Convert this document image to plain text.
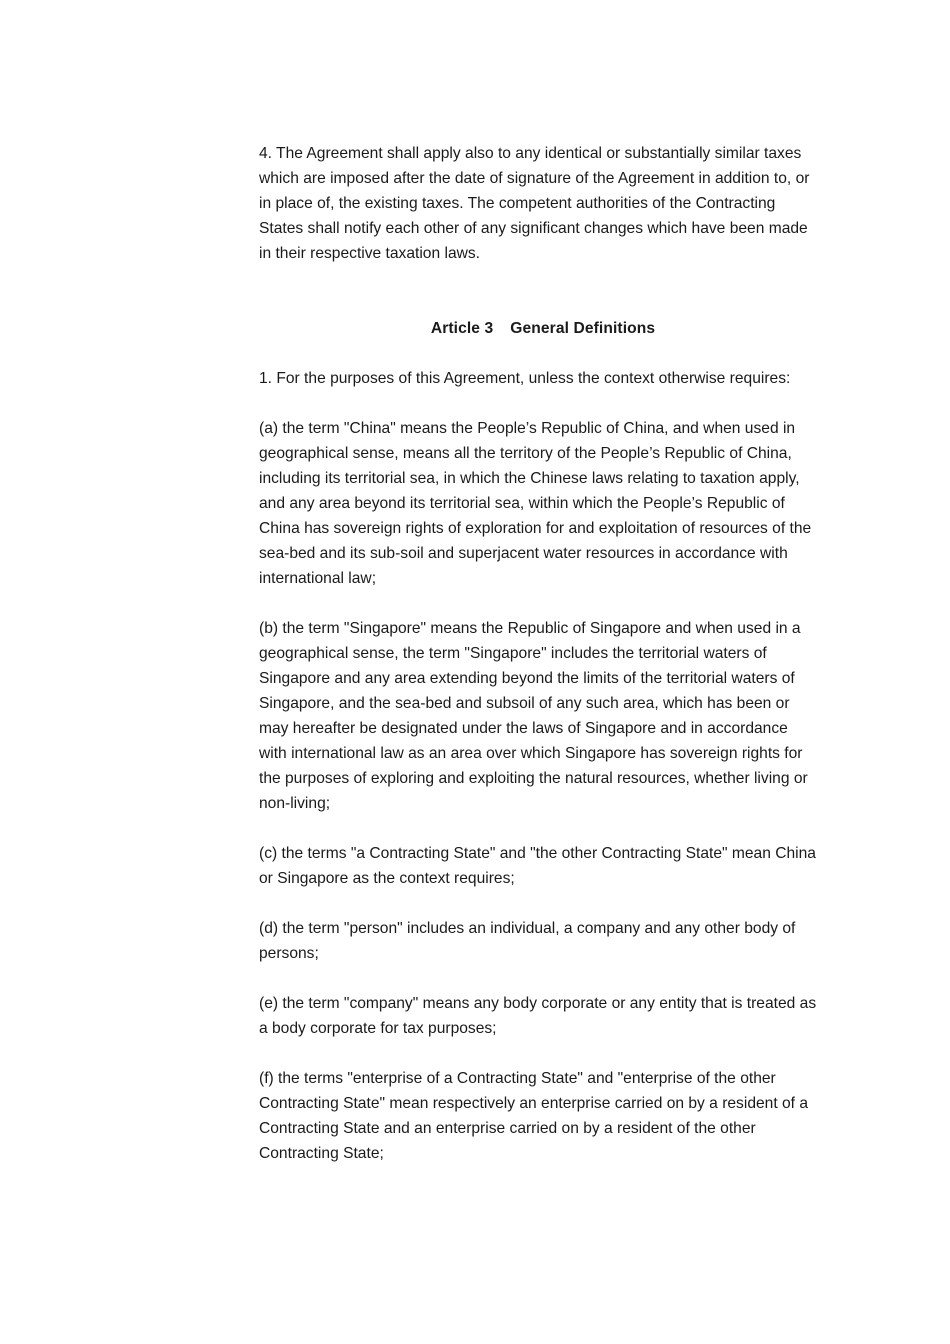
4. The Agreement shall apply also to any identical or substantially similar taxes which are imposed after the date of signature of the Agreement in addition to, or in place of, the existing taxes. The competent authorities of the Contracting States shall notify each other of any significant changes which have been made in their respective taxation laws.

Article 3 General Definitions

1. For the purposes of this Agreement, unless the context otherwise requires:

(a) the term "China" means the People’s Republic of China, and when used in geographical sense, means all the territory of the People’s Republic of China, including its territorial sea, in which the Chinese laws relating to taxation apply, and any area beyond its territorial sea, within which the People’s Republic of China has sovereign rights of exploration for and exploitation of resources of the sea-bed and its sub-soil and superjacent water resources in accordance with international law;

(b) the term "Singapore" means the Republic of Singapore and when used in a geographical sense, the term "Singapore" includes the territorial waters of Singapore and any area extending beyond the limits of the territorial waters of Singapore, and the sea-bed and subsoil of any such area, which has been or may hereafter be designated under the laws of Singapore and in accordance with international law as an area over which Singapore has sovereign rights for the purposes of exploring and exploiting the natural resources, whether living or non-living;

(c) the terms "a Contracting State" and "the other Contracting State" mean China or Singapore as the context requires;

(d) the term "person" includes an individual, a company and any other body of persons;

(e) the term "company" means any body corporate or any entity that is treated as a body corporate for tax purposes;

(f) the terms "enterprise of a Contracting State" and "enterprise of the other Contracting State" mean respectively an enterprise carried on by a resident of a Contracting State and an enterprise carried on by a resident of the other Contracting State;
